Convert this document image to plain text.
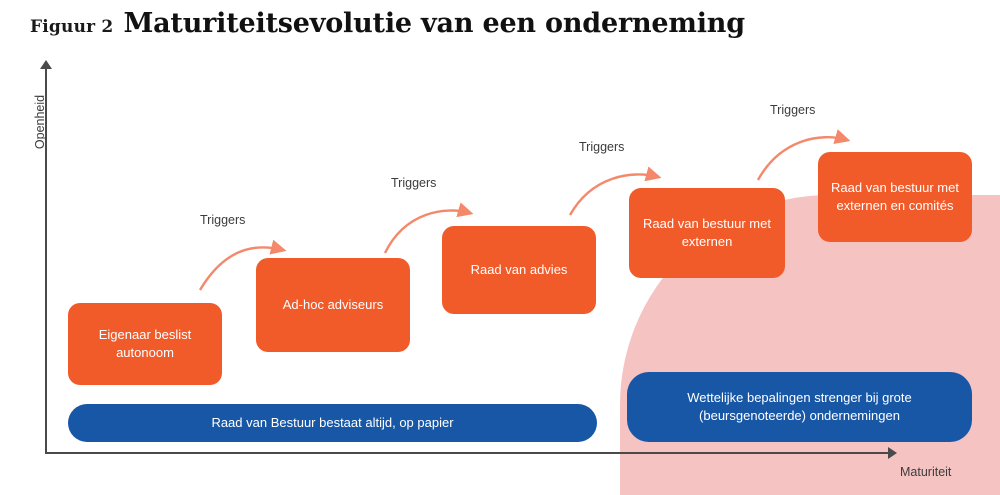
Figuur 2 Maturiteitsevolutie van een onderneming
Openheid
Maturiteit
Triggers
Triggers
Triggers
Triggers
Eigenaar beslist autonoom
Ad-hoc adviseurs
Raad van advies
Raad van bestuur met externen
Raad van bestuur met externen en comités
Raad van Bestuur bestaat altijd, op papier
Wettelijke bepalingen strenger bij grote (beursgenoteerde) ondernemingen
